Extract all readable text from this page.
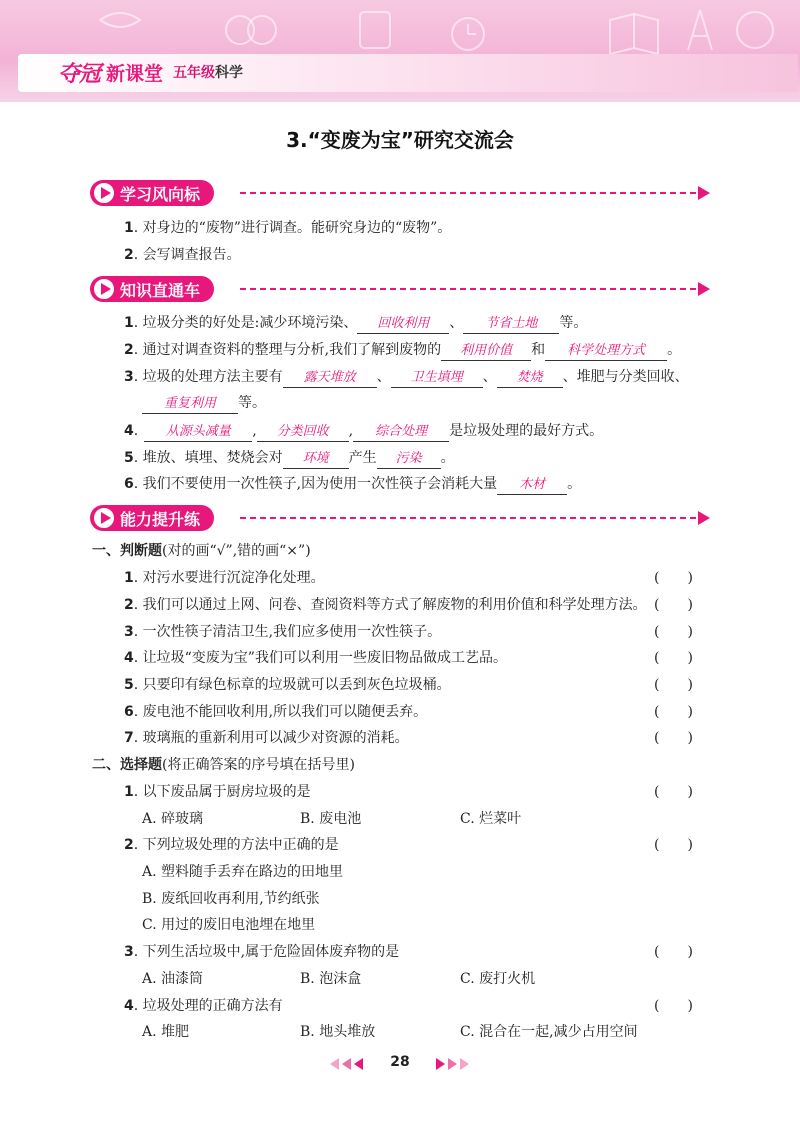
夺冠 新课堂 五年级科学
3.“变废为宝”研究交流会
学习风向标
1. 对身边的“废物”进行调查。能研究身边的“废物”。
2. 会写调查报告。
知识直通车
1. 垃圾分类的好处是:减少环境污染、 回收利用 、 节省土地 等。
2. 通过对调查资料的整理与分析,我们了解到废物的 利用价值 和 科学处理方式 。
3. 垃圾的处理方法主要有 露天堆放 、 卫生填埋 、 焚烧 、堆肥与分类回收、
重复利用 等。
4. 从源头减量 , 分类回收 , 综合处理 是垃圾处理的最好方式。
5. 堆放、填埋、焚烧会对 环境 产生 污染 。
6. 我们不要使用一次性筷子,因为使用一次性筷子会消耗大量 木材 。
能力提升练
一、判断题(对的画“√”,错的画“×”)
1. 对污水要进行沉淀净化处理。	(　　)
2. 我们可以通过上网、问卷、查阅资料等方式了解废物的利用价值和科学处理方法。 (　　)
3. 一次性筷子清洁卫生,我们应多使用一次性筷子。	(　　)
4. 让垃圾“变废为宝”我们可以利用一些废旧物品做成工艺品。	(　　)
5. 只要印有绿色标章的垃圾就可以丢到灰色垃圾桶。	(　　)
6. 废电池不能回收利用,所以我们可以随便丢弃。	(　　)
7. 玻璃瓶的重新利用可以减少对资源的消耗。	(　　)
二、选择题(将正确答案的序号填在括号里)
1. 以下废品属于厨房垃圾的是	(　　)
A. 碎玻璃	B. 废电池	C. 烂菜叶
2. 下列垃圾处理的方法中正确的是	(　　)
A. 塑料随手丢弃在路边的田地里
B. 废纸回收再利用,节约纸张
C. 用过的废旧电池埋在地里
3. 下列生活垃圾中,属于危险固体废弃物的是	(　　)
A. 油漆筒	B. 泡沫盒	C. 废打火机
4. 垃圾处理的正确方法有	(　　)
A. 堆肥	B. 地头堆放	C. 混合在一起,减少占用空间
28
